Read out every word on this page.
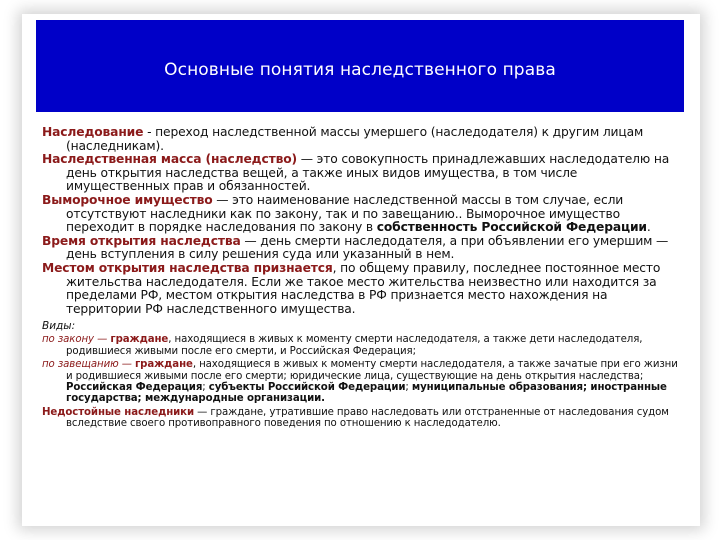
Основные понятия наследственного права

Наследование - переход наследственной массы умершего (наследодателя) к другим лицам (наследникам).

Наследственная масса (наследство) — это совокупность принадлежавших наследодателю на день открытия наследства вещей, а также иных видов имущества, в том числе имущественных прав и обязанностей.

Выморочное имущество — это наименование наследственной массы в том случае, если отсутствуют наследники как по закону, так и по завещанию.. Выморочное имущество переходит в порядке наследования по закону в собственность Российской Федерации.

Время открытия наследства — день смерти наследодателя, а при объявлении его умершим — день вступления в силу решения суда или указанный в нем.

Местом открытия наследства признается, по общему правилу, последнее постоянное место жительства наследодателя. Если же такое место жительства неизвестно или находится за пределами РФ, местом открытия наследства в РФ признается место нахождения на территории РФ наследственного имущества.

Виды:

по закону — граждане, находящиеся в живых к моменту смерти наследодателя, а также дети наследодателя, родившиеся живыми после его смерти, и Российская Федерация;

по завещанию — граждане, находящиеся в живых к моменту смерти наследодателя, а также зачатые при его жизни и родившиеся живыми после его смерти; юридические лица, существующие на день открытия наследства; Российская Федерация; субъекты Российской Федерации; муниципальные образования; иностранные государства; международные организации.

Недостойные наследники — граждане, утратившие право наследовать или отстраненные от наследования судом вследствие своего противоправного поведения по отношению к наследодателю.
